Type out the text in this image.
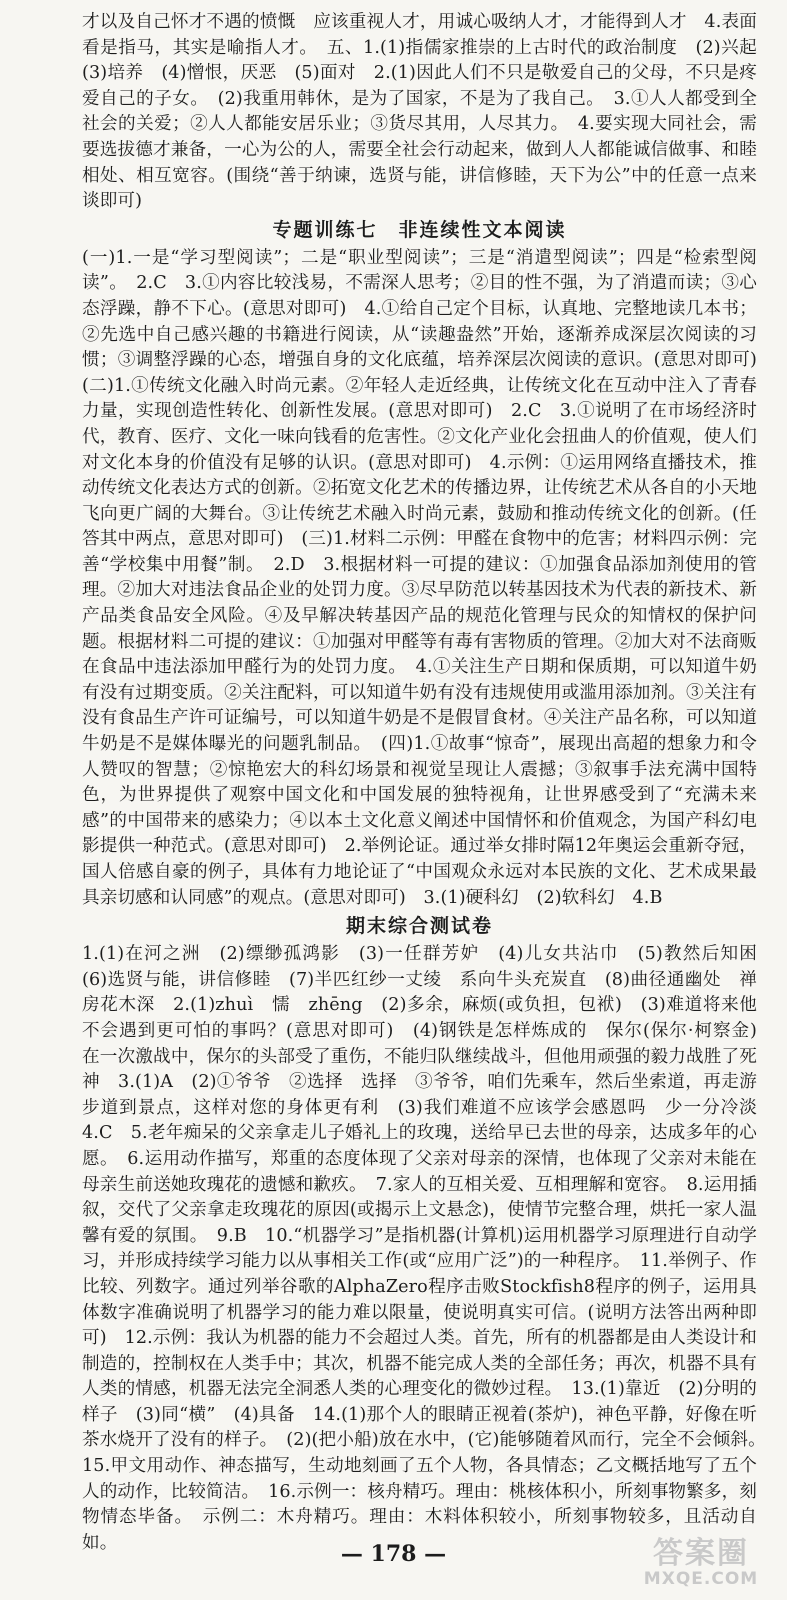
才以及自己怀才不遇的愤慨　应该重视人才，用诚心吸纳人才，才能得到人才　4.表面看是指马，其实是喻指人才。　五、1.(1)指儒家推崇的上古时代的政治制度　(2)兴起　(3)培养　(4)憎恨，厌恶　(5)面对　2.(1)因此人们不只是敬爱自己的父母，不只是疼爱自己的子女。　(2)我重用韩休，是为了国家，不是为了我自己。　3.①人人都受到全社会的关爱；②人人都能安居乐业；③货尽其用，人尽其力。　4.要实现大同社会，需要选拔德才兼备，一心为公的人，需要全社会行动起来，做到人人都能诚信做事、和睦相处、相互宽容。(围绕“善于纳谏，选贤与能，讲信修睦，天下为公”中的任意一点来谈即可)

专题训练七　非连续性文本阅读

(一)1.一是“学习型阅读”；二是“职业型阅读”；三是“消遣型阅读”；四是“检索型阅读”。　2.C　3.①内容比较浅易，不需深人思考；②目的性不强，为了消遣而读；③心态浮躁，静不下心。(意思对即可)　4.①给自己定个目标，认真地、完整地读几本书；②先选中自己感兴趣的书籍进行阅读，从“读趣盎然”开始，逐渐养成深层次阅读的习惯；③调整浮躁的心态，增强自身的文化底蕴，培养深层次阅读的意识。(意思对即可)　(二)1.①传统文化融入时尚元素。②年轻人走近经典，让传统文化在互动中注入了青春力量，实现创造性转化、创新性发展。(意思对即可)　2.C　3.①说明了在市场经济时代，教育、医疗、文化一味向钱看的危害性。②文化产业化会扭曲人的价值观，使人们对文化本身的价值没有足够的认识。(意思对即可)　4.示例：①运用网络直播技术，推动传统文化表达方式的创新。②拓宽文化艺术的传播边界，让传统艺术从各自的小天地飞向更广阔的大舞台。③让传统艺术融入时尚元素，鼓励和推动传统文化的创新。(任答其中两点，意思对即可)　(三)1.材料二示例：甲醛在食物中的危害；材料四示例：完善“学校集中用餐”制。　2.D　3.根据材料一可提的建议：①加强食品添加剂使用的管理。②加大对违法食品企业的处罚力度。③尽早防范以转基因技术为代表的新技术、新产品类食品安全风险。④及早解决转基因产品的规范化管理与民众的知情权的保护问题。根据材料二可提的建议：①加强对甲醛等有毒有害物质的管理。②加大对不法商贩在食品中违法添加甲醛行为的处罚力度。　4.①关注生产日期和保质期，可以知道牛奶有没有过期变质。②关注配料，可以知道牛奶有没有违规使用或滥用添加剂。③关注有没有食品生产许可证编号，可以知道牛奶是不是假冒食材。④关注产品名称，可以知道牛奶是不是媒体曝光的问题乳制品。　(四)1.①故事“惊奇”，展现出高超的想象力和令人赞叹的智慧；②惊艳宏大的科幻场景和视觉呈现让人震撼；③叙事手法充满中国特色，为世界提供了观察中国文化和中国发展的独特视角，让世界感受到了“充满未来感”的中国带来的感染力；④以本土文化意义阐述中国情怀和价值观念，为国产科幻电影提供一种范式。(意思对即可)　2.举例论证。通过举女排时隔12年奥运会重新夺冠，国人倍感自豪的例子，具体有力地论证了“中国观众永远对本民族的文化、艺术成果最具亲切感和认同感”的观点。(意思对即可)　3.(1)硬科幻　(2)软科幻　4.B

期末综合测试卷

1.(1)在河之洲　(2)缥缈孤鸿影　(3)一任群芳妒　(4)儿女共沾巾　(5)教然后知困　(6)选贤与能，讲信修睦　(7)半匹红纱一丈绫　系向牛头充炭直　(8)曲径通幽处　禅房花木深　2.(1)zhuì　懦　zhēng　(2)多余，麻烦(或负担，包袱)　(3)难道将来他不会遇到更可怕的事吗？(意思对即可)　(4)钢铁是怎样炼成的　保尔(保尔·柯察金)　在一次激战中，保尔的头部受了重伤，不能归队继续战斗，但他用顽强的毅力战胜了死神　3.(1)A　(2)①爷爷　②选择　选择　③爷爷，咱们先乘车，然后坐索道，再走游步道到景点，这样对您的身体更有利　(3)我们难道不应该学会感恩吗　少一分冷淡　4.C　5.老年痴呆的父亲拿走儿子婚礼上的玫瑰，送给早已去世的母亲，达成多年的心愿。　6.运用动作描写，郑重的态度体现了父亲对母亲的深情，也体现了父亲对未能在母亲生前送她玫瑰花的遗憾和歉疚。　7.家人的互相关爱、互相理解和宽容。　8.运用插叙，交代了父亲拿走玫瑰花的原因(或揭示上文悬念)，使情节完整合理，烘托一家人温馨有爱的氛围。　9.B　10.“机器学习”是指机器(计算机)运用机器学习原理进行自动学习，并形成持续学习能力以从事相关工作(或“应用广泛”)的一种程序。　11.举例子、作比较、列数字。通过列举谷歌的AlphaZero程序击败Stockfish8程序的例子，运用具体数字准确说明了机器学习的能力难以限量，使说明真实可信。(说明方法答出两种即可)　12.示例：我认为机器的能力不会超过人类。首先，所有的机器都是由人类设计和制造的，控制权在人类手中；其次，机器不能完成人类的全部任务；再次，机器不具有人类的情感，机器无法完全洞悉人类的心理变化的微妙过程。　13.(1)靠近　(2)分明的样子　(3)同“横”　(4)具备　14.(1)那个人的眼睛正视着(茶炉)，神色平静，好像在听茶水烧开了没有的样子。　(2)(把小船)放在水中，(它)能够随着风而行，完全不会倾斜。　15.甲文用动作、神态描写，生动地刻画了五个人物，各具情态；乙文概括地写了五个人的动作，比较简洁。　16.示例一：核舟精巧。理由：桃核体积小，所刻事物繁多，刻物情态毕备。　示例二：木舟精巧。理由：木料体积较小，所刻事物较多，且活动自如。	— 178 —	答案圈
MXQE.COM
